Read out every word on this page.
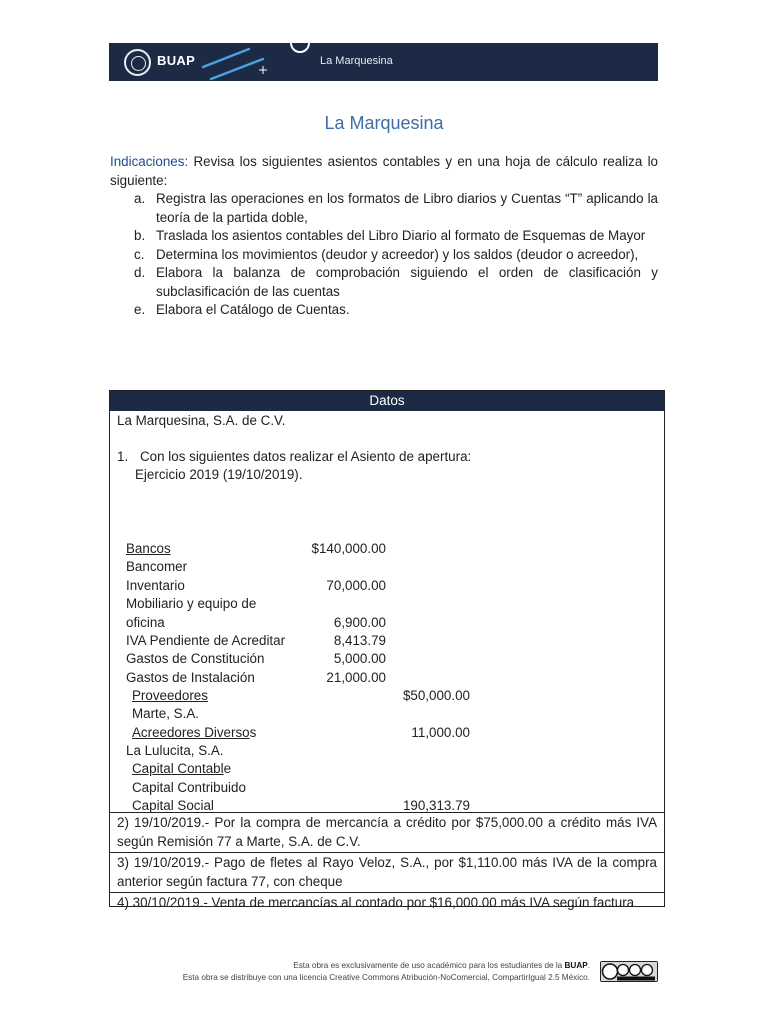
BUAP	La Marquesina
La Marquesina

Indicaciones: Revisa los siguientes asientos contables y en una hoja de cálculo realiza lo siguiente:

a. Registra las operaciones en los formatos de Libro diarios y Cuentas “T” aplicando la teoría de la partida doble,
b. Traslada los asientos contables del Libro Diario al formato de Esquemas de Mayor
c. Determina los movimientos (deudor y acreedor) y los saldos (deudor o acreedor),
d. Elabora la balanza de comprobación siguiendo el orden de clasificación y subclasificación de las cuentas
e. Elabora el Catálogo de Cuentas.
Datos
La Marquesina, S.A. de C.V.
1. Con los siguientes datos realizar el Asiento de apertura:
Ejercicio 2019 (19/10/2019).
Bancos	$140,000.00
Bancomer
Inventario	70,000.00
Mobiliario y equipo de
oficina	6,900.00
IVA Pendiente de Acreditar	8,413.79
Gastos de Constitución	5,000.00
Gastos de Instalación	21,000.00
Proveedores	$50,000.00
Marte, S.A.
Acreedores Diversos	11,000.00
La Lulucita, S.A.
Capital Contable
Capital Contribuido
Capital Social	190,313.79
2) 19/10/2019.- Por la compra de mercancía a crédito por $75,000.00 a crédito más IVA según Remisión 77 a Marte, S.A. de C.V.
3) 19/10/2019.- Pago de fletes al Rayo Veloz, S.A., por $1,110.00 más IVA de la compra anterior según factura 77, con cheque
4) 30/10/2019.- Venta de mercancías al contado por $16,000.00 más IVA según factura
Esta obra es exclusivamente de uso académico para los estudiantes de la BUAP.
Esta obra se distribuye con una licencia Creative Commons Atribución-NoComercial, CompartirIgual 2.5 México.
